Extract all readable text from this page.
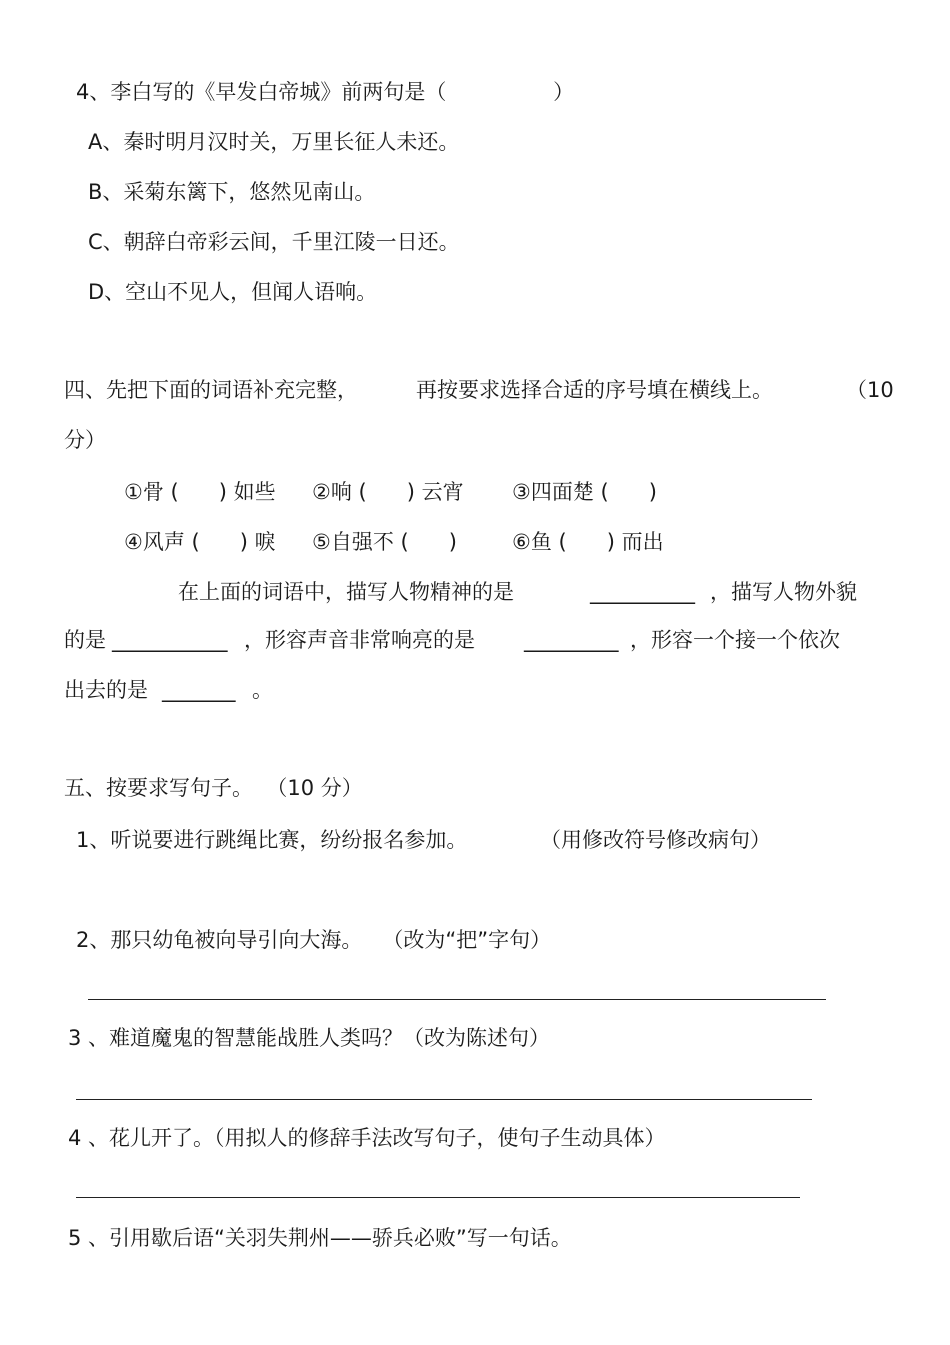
4、李白写的《早发白帝城》前两句是（                ）
A、秦时明月汉时关，万里长征人未还。
B、采菊东篱下，悠然见南山。
C、朝辞白帝彩云间，千里江陵一日还。
D、空山不见人，但闻人语响。
四、先把下面的词语补充完整，	再按要求选择合适的序号填在横线上。	（10
分）
①骨 (      ) 如些 ②响 (      ) 云宵 ③四面楚 (      )
④风声 (      ) 唳 ⑤自强不 (      )	⑥鱼 (      ) 而出
在上面的词语中，描写人物精神的是	__________ ，描写人物外貌
的是 ___________ ，形容声音非常响亮的是 _________ ，形容一个接一个依次
出去的是 _______ 。
五、按要求写句子。  （10 分）
1、听说要进行跳绳比赛，纷纷报名参加。	（用修改符号修改病句）
2、那只幼龟被向导引向大海。   （改为“把”字句）
3 、难道魔鬼的智慧能战胜人类吗？（改为陈述句）
4 、花儿开了。（用拟人的修辞手法改写句子，使句子生动具体）
5 、引用歇后语“关羽失荆州——骄兵必败”写一句话。
